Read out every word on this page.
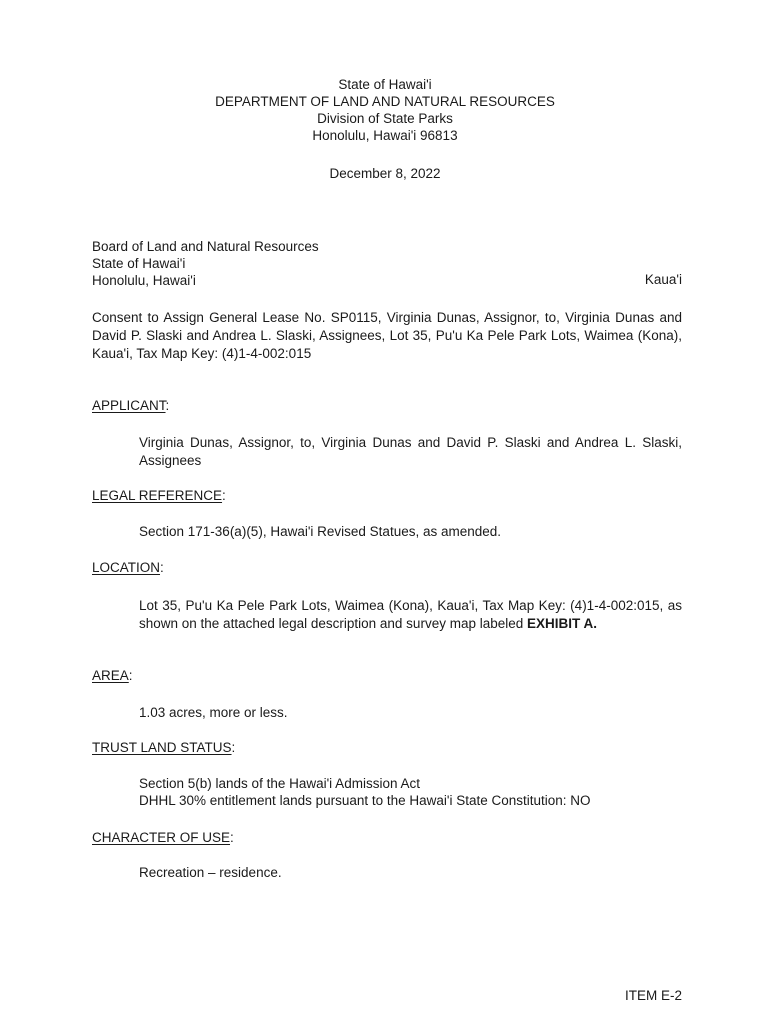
State of Hawai'i
DEPARTMENT OF LAND AND NATURAL RESOURCES
Division of State Parks
Honolulu, Hawai'i 96813
December 8, 2022
Board of Land and Natural Resources
State of Hawai'i
Honolulu, Hawai'i	Kaua'i
Consent to Assign General Lease No. SP0115, Virginia Dunas, Assignor, to, Virginia Dunas and David P. Slaski and Andrea L. Slaski, Assignees, Lot 35, Pu'u Ka Pele Park Lots, Waimea (Kona), Kaua'i, Tax Map Key: (4)1-4-002:015
APPLICANT:
Virginia Dunas, Assignor, to, Virginia Dunas and David P. Slaski and Andrea L. Slaski, Assignees
LEGAL REFERENCE:
Section 171-36(a)(5), Hawai'i Revised Statues, as amended.
LOCATION:
Lot 35, Pu'u Ka Pele Park Lots, Waimea (Kona), Kaua'i, Tax Map Key: (4)1-4-002:015, as shown on the attached legal description and survey map labeled EXHIBIT A.
AREA:
1.03 acres, more or less.
TRUST LAND STATUS:
Section 5(b) lands of the Hawai'i Admission Act
DHHL 30% entitlement lands pursuant to the Hawai'i State Constitution: NO
CHARACTER OF USE:
Recreation – residence.
ITEM E-2
